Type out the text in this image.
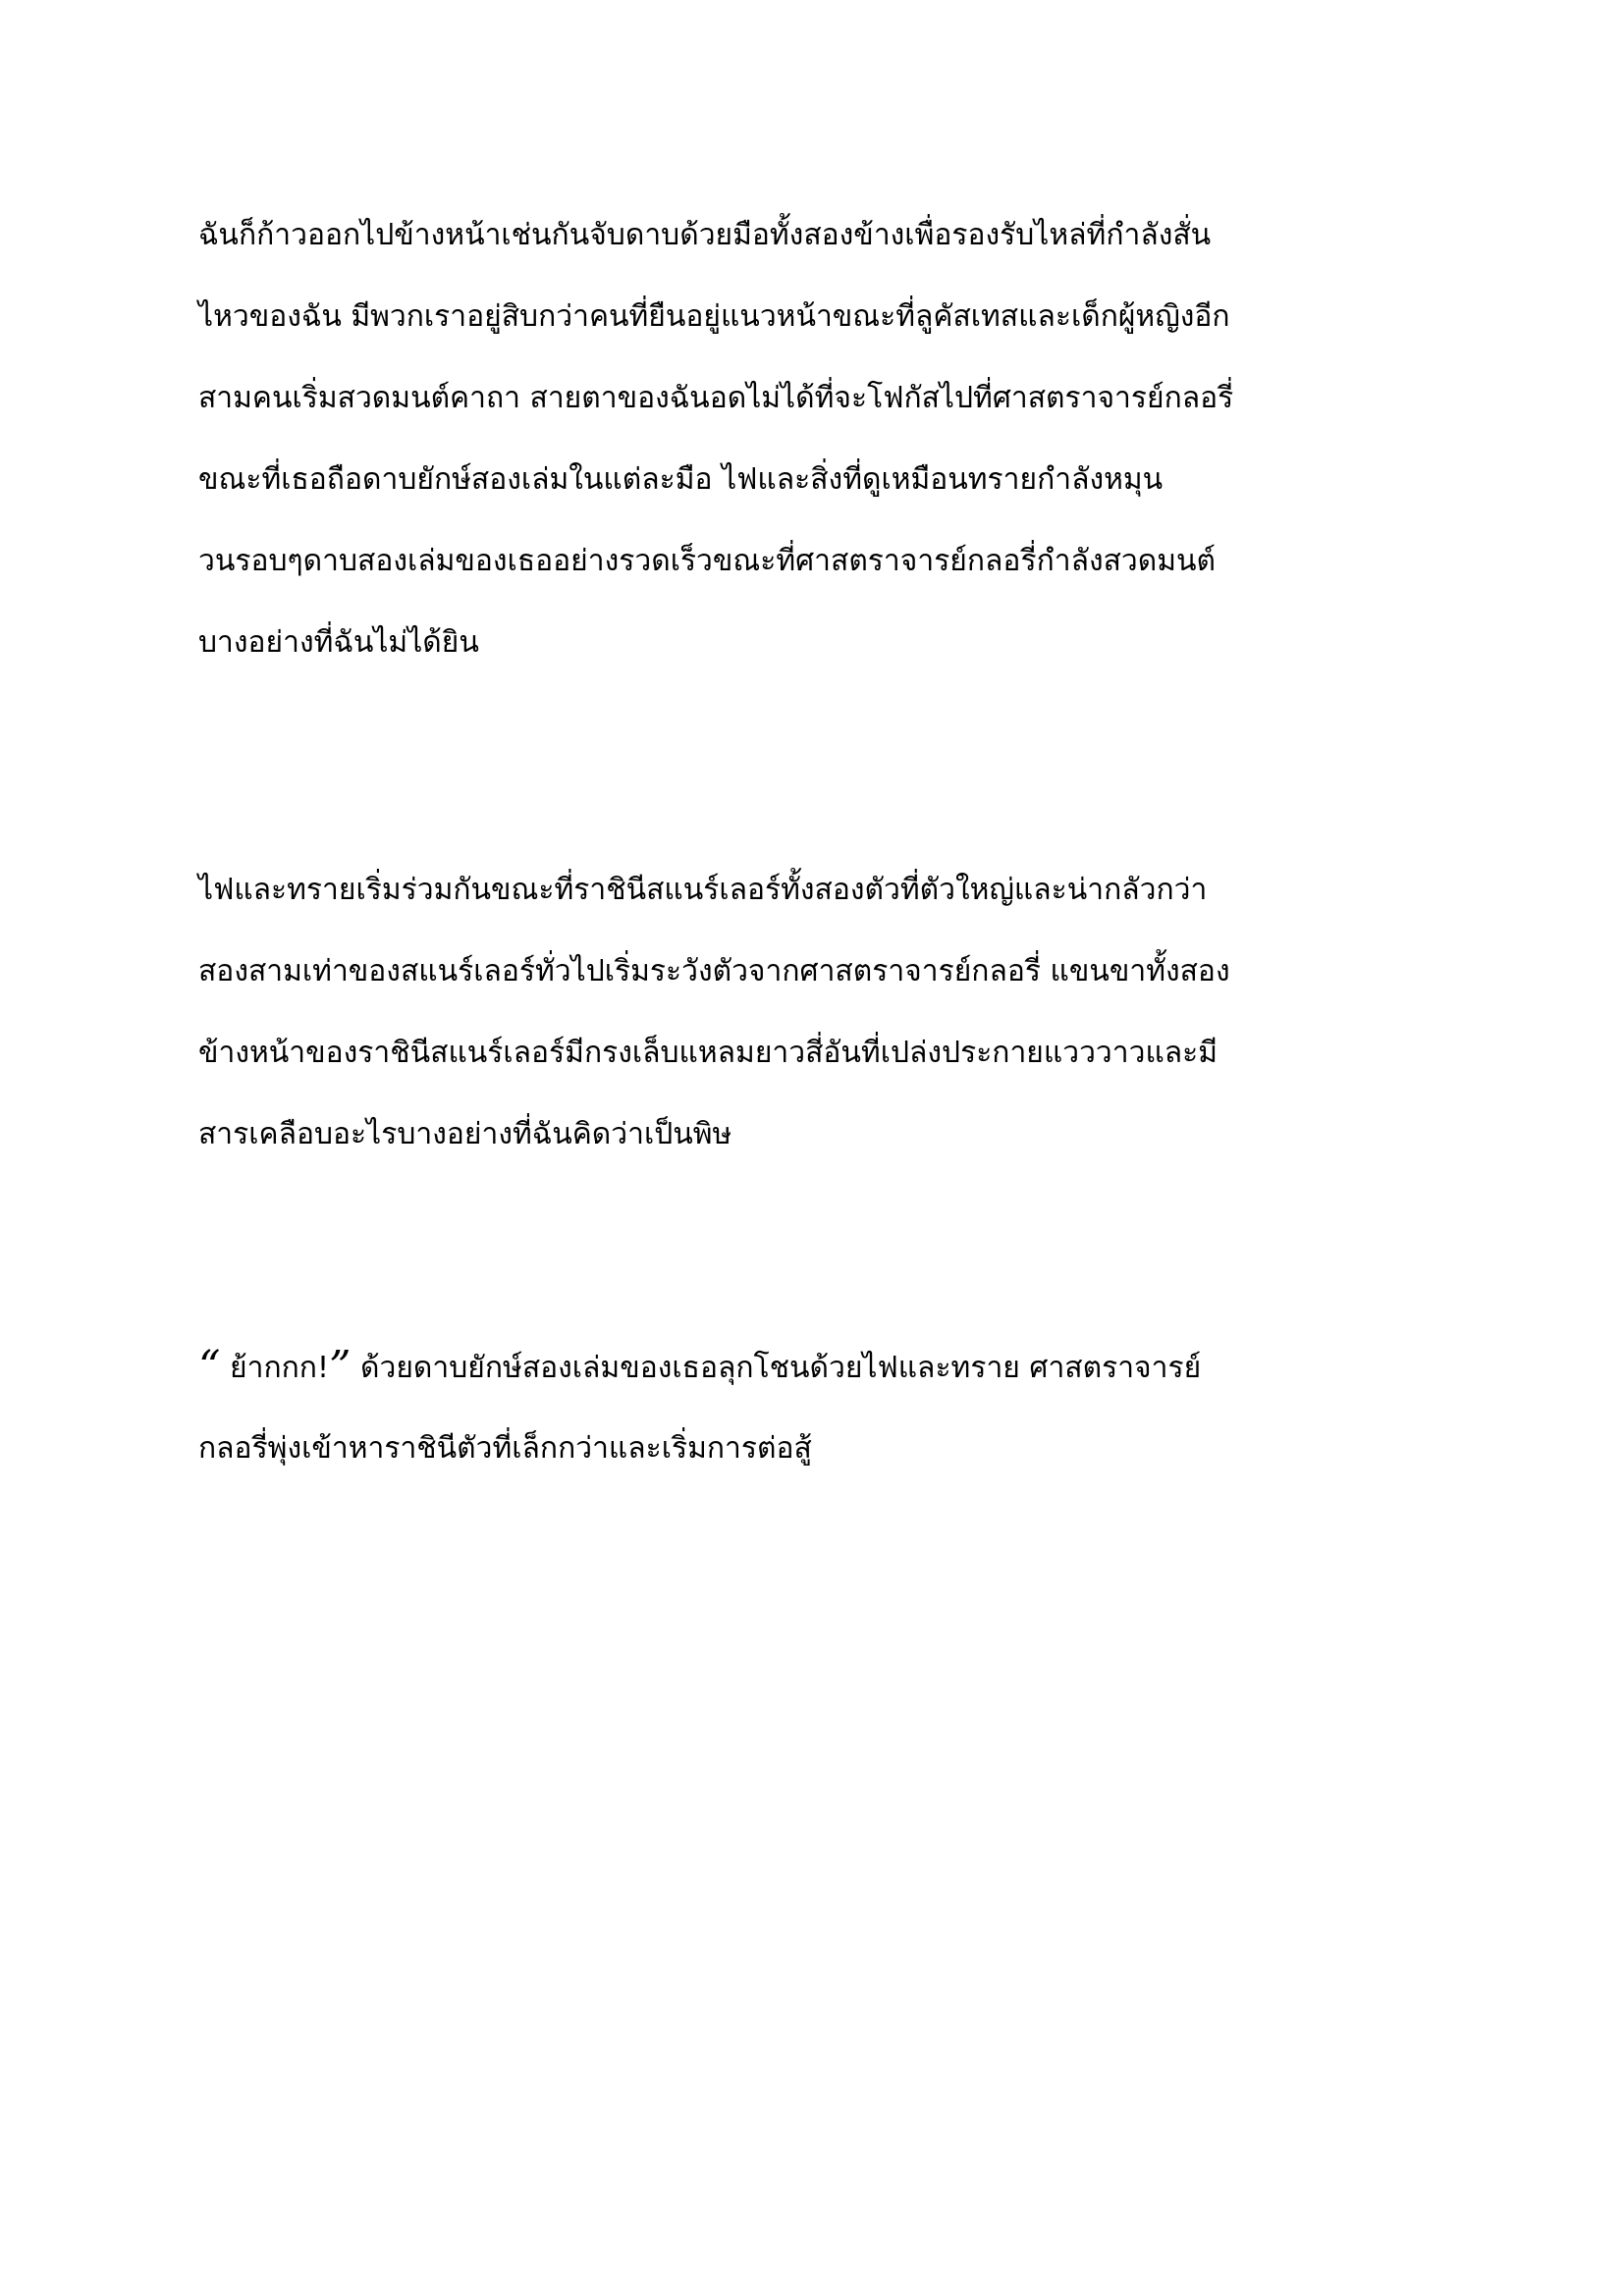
ฉันก็ก้าวออกไปข้างหน้าเช่นกันจับดาบด้วยมือทั้งสองข้างเพื่อรองรับไหล่ที่กำลังสั่น
ไหวของฉัน มีพวกเราอยู่สิบกว่าคนที่ยืนอยู่แนวหน้าขณะที่ลูคัสเทสและเด็กผู้หญิงอีก
สามคนเริ่มสวดมนต์คาถา สายตาของฉันอดไม่ได้ที่จะโฟกัสไปที่ศาสตราจารย์กลอรี่
ขณะที่เธอถือดาบยักษ์สองเล่มในแต่ละมือ ไฟและสิ่งที่ดูเหมือนทรายกำลังหมุน
วนรอบๆดาบสองเล่มของเธออย่างรวดเร็วขณะที่ศาสตราจารย์กลอรี่กำลังสวดมนต์
บางอย่างที่ฉันไม่ได้ยิน

ไฟและทรายเริ่มร่วมกันขณะที่ราชินีสแนร์เลอร์ทั้งสองตัวที่ตัวใหญ่และน่ากลัวกว่า
สองสามเท่าของสแนร์เลอร์ทั่วไปเริ่มระวังตัวจากศาสตราจารย์กลอรี่ แขนขาทั้งสอง
ข้างหน้าของราชินีสแนร์เลอร์มีกรงเล็บแหลมยาวสี่อันที่เปล่งประกายแวววาวและมี
สารเคลือบอะไรบางอย่างที่ฉันคิดว่าเป็นพิษ

“ ย้ากกก!” ด้วยดาบยักษ์สองเล่มของเธอลุกโชนด้วยไฟและทราย ศาสตราจารย์
กลอรี่พุ่งเข้าหาราชินีตัวที่เล็กกว่าและเริ่มการต่อสู้
